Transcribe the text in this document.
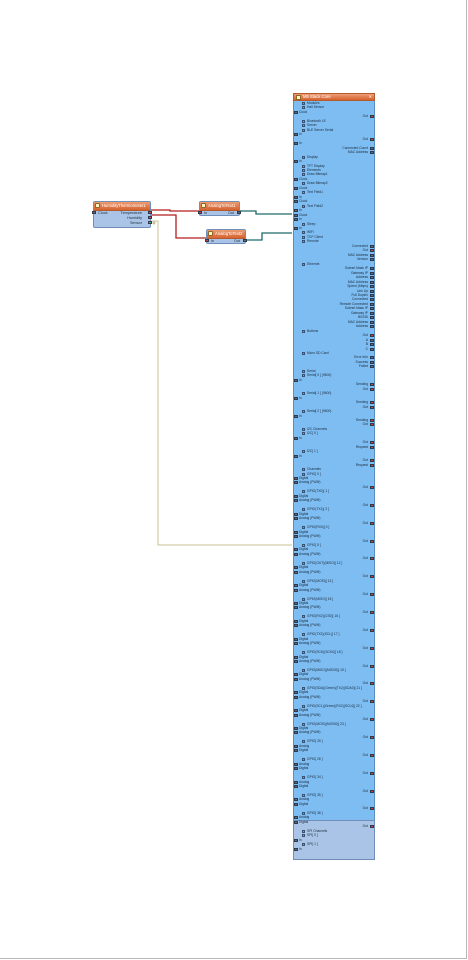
HumidityThermometer1
Clock	Temperature
Humidity
Sensor
AnalogToText1
In	Out
AnalogToText2
In	Out
M5 Stack Core	✕
Modules
Hall Sensor
Clock
Out
Bluetooth LE
Server
BLE Server Serial
In
Out
In
Connected Count
MAC Address
Display
In
TFT Display
Elements
Draw Bitmap1
Clock
Draw Bitmap2
Clock
Text Field1
In
Clock
Text Field2
In
Clock
In
Sleep
In
WiFi
TCP Client
Remote
Connected
Out
MAC Address
Version
Ethernet
Subnet Mask IP
Gateway IP
Address
MAC Address
Speed (Mbps)
Link Up
Full Duplex
Connected
Remote Connected
Subnet Mask IP
Gateway IP
BSSID
MAC Address
Address
Buttons
Out
A
B
C
Micro SD Card
Error Info
Success
Failed
Serial
Serial[ 0 ] (9600)
In
Sending
Out
Serial[ 1 ] (9600)
In
Sending
Out
Serial[ 2 ] (9600)
In
Sending
Out
I2C Channels
I2C[ 0 ]
In
Out
Request
I2C[ 1 ]
In
Out
Request
Channels
GPIO[ 0 ]
Digital
Analog (PWM)
Out
GPIO(TX0)[ 1 ]
Digital
Analog (PWM)
Out
GPIO(TX1)[ 2 ]
Digital
Analog (PWM)
Out
GPIO(RX0)[ 3 ]
Digital
Analog (PWM)
Out
GPIO[ 5 ]
Digital
Analog (PWM)
Out
GPIO(OUT)(MISO)[ 12 ]
Digital
Analog (PWM)
Out
GPIO(MOSI)[ 13 ]
Digital
Analog (PWM)
Out
GPIO(MISO)[ 15 ]
Digital
Analog (PWM)
Out
GPIO(RX2)(CS0)[ 16 ]
Digital
Analog (PWM)
Out
GPIO(TX2)(SCL)[ 17 ]
Digital
Analog (PWM)
Out
GPIO(SCK)(SCK0)[ 18 ]
Digital
Analog (PWM)
Out
GPIO(MISO)(MISO0)[ 19 ]
Digital
Analog (PWM)
Out
GPIO(SDA)(Green)(TX2)(SDA0)[ 21 ]
Digital
Analog (PWM)
Out
GPIO(SCL)(Green)(RX2)(SCL0)[ 22 ]
Digital
Analog (PWM)
Out
GPIO(MOSI)(MOSI0)[ 23 ]
Digital
Analog (PWM)
Out
GPIO[ 25 ]
Analog
Digital
Out
GPIO[ 26 ]
Analog
Digital
Out
GPIO[ 34 ]
Analog
Digital
Out
GPIO[ 35 ]
Analog
Digital
Out
GPIO[ 36 ]
Analog
Digital
Out
SPI Channels
SPI[ 0 ]
In
SPI[ 1 ]
In
